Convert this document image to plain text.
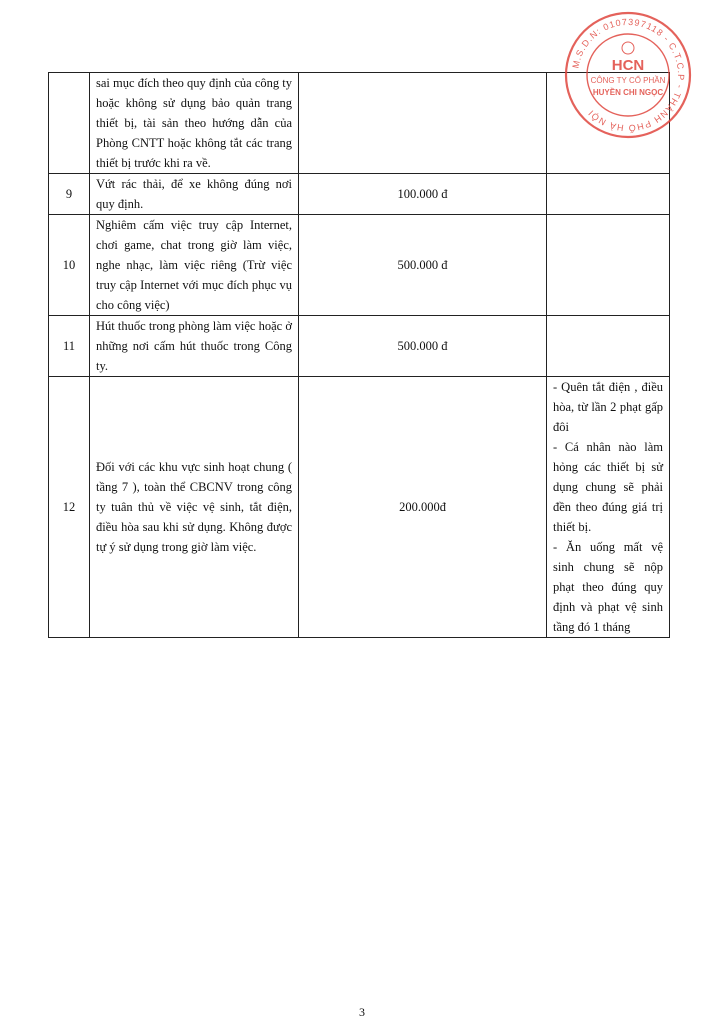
	sai mục đích theo quy định của công ty hoặc không sử dụng bảo quản trang thiết bị, tài sản theo hướng dẫn của Phòng CNTT hoặc không tắt các trang thiết bị trước khi ra về.		
9	Vứt rác thải, để xe không đúng nơi quy định.	100.000 đ	
10	Nghiêm cấm việc truy cập Internet, chơi game, chat trong giờ làm việc, nghe nhạc, làm việc riêng (Trừ việc truy cập Internet với mục đích phục vụ cho công việc)	500.000 đ	
11	Hút thuốc trong phòng làm việc hoặc ở những nơi cấm hút thuốc trong Công ty.	500.000 đ	
12	Đối với các khu vực sinh hoạt chung ( tầng 7 ), toàn thể CBCNV trong công ty tuân thủ về việc vệ sinh, tắt điện, điều hòa sau khi sử dụng. Không được tự ý sử dụng trong giờ làm việc.	200.000đ	- Quên tắt điện , điều hòa, từ lần 2 phạt gấp đôi
- Cá nhân nào làm hỏng các thiết bị sử dụng chung sẽ phải đền theo đúng giá trị thiết bị.
- Ăn uống mất vệ sinh chung sẽ nộp phạt theo đúng quy định và phạt vệ sinh tầng đó 1 tháng
M.S.D.N: 0107397118 - C.T.C.P - THÀNH PHỐ HÀ NỘI
HCN
CÔNG TY CỔ PHẦN
HUYỀN CHI NGỌC
3
